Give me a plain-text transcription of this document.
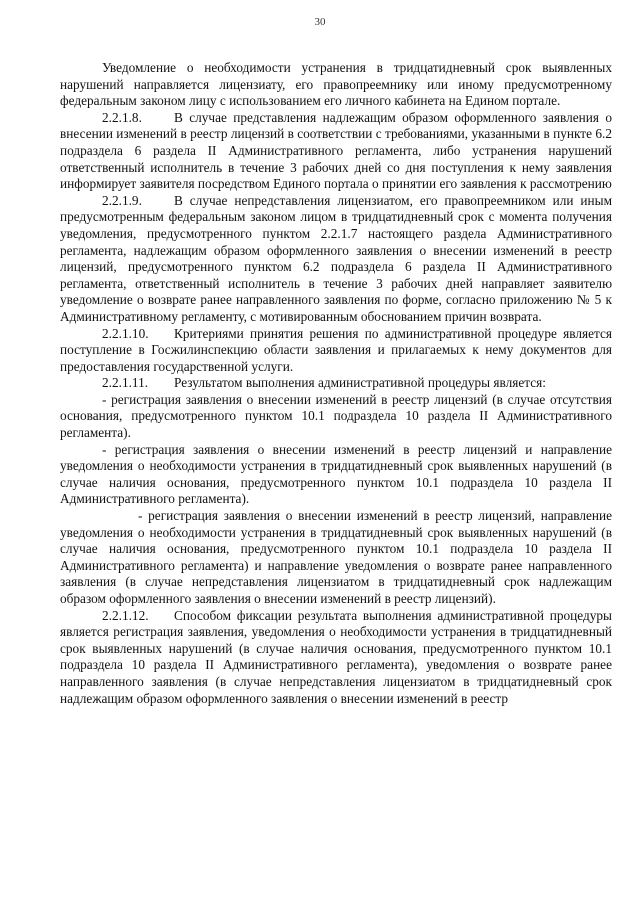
30

Уведомление о необходимости устранения в тридцатидневный срок выявленных нарушений направляется лицензиату, его правопреемнику или иному предусмотренному федеральным законом лицу с использованием его личного кабинета на Едином портале.

2.2.1.8. В случае представления надлежащим образом оформленного заявления о внесении изменений в реестр лицензий в соответствии с требованиями, указанными в пункте 6.2 подраздела 6 раздела II Административного регламента, либо устранения нарушений ответственный исполнитель в течение 3 рабочих дней со дня поступления к нему заявления информирует заявителя посредством Единого портала о принятии его заявления к рассмотрению

2.2.1.9. В случае непредставления лицензиатом, его правопреемником или иным предусмотренным федеральным законом лицом в тридцатидневный срок с момента получения уведомления, предусмотренного пунктом 2.2.1.7 настоящего раздела Административного регламента, надлежащим образом оформленного заявления о внесении изменений в реестр лицензий, предусмотренного пунктом 6.2 подраздела 6 раздела II Административного регламента, ответственный исполнитель в течение 3 рабочих дней направляет заявителю уведомление о возврате ранее направленного заявления по форме, согласно приложению № 5 к Административному регламенту, с мотивированным обоснованием причин возврата.

2.2.1.10. Критериями принятия решения по административной процедуре является поступление в Госжилинспекцию области заявления и прилагаемых к нему документов для предоставления государственной услуги.

2.2.1.11. Результатом выполнения административной процедуры является:

- регистрация заявления о внесении изменений в реестр лицензий (в случае отсутствия основания, предусмотренного пунктом 10.1 подраздела 10 раздела II Административного регламента).

- регистрация заявления о внесении изменений в реестр лицензий и направление уведомления о необходимости устранения в тридцатидневный срок выявленных нарушений (в случае наличия основания, предусмотренного пунктом 10.1 подраздела 10 раздела II Административного регламента).

- регистрация заявления о внесении изменений в реестр лицензий, направление уведомления о необходимости устранения в тридцатидневный срок выявленных нарушений (в случае наличия основания, предусмотренного пунктом 10.1 подраздела 10 раздела II Административного регламента) и направление уведомления о возврате ранее направленного заявления (в случае непредставления лицензиатом в тридцатидневный срок надлежащим образом оформленного заявления о внесении изменений в реестр лицензий).

2.2.1.12. Способом фиксации результата выполнения административной процедуры является регистрация заявления, уведомления о необходимости устранения в тридцатидневный срок выявленных нарушений (в случае наличия основания, предусмотренного пунктом 10.1 подраздела 10 раздела II Административного регламента), уведомления о возврате ранее направленного заявления (в случае непредставления лицензиатом в тридцатидневный срок надлежащим образом оформленного заявления о внесении изменений в реестр
